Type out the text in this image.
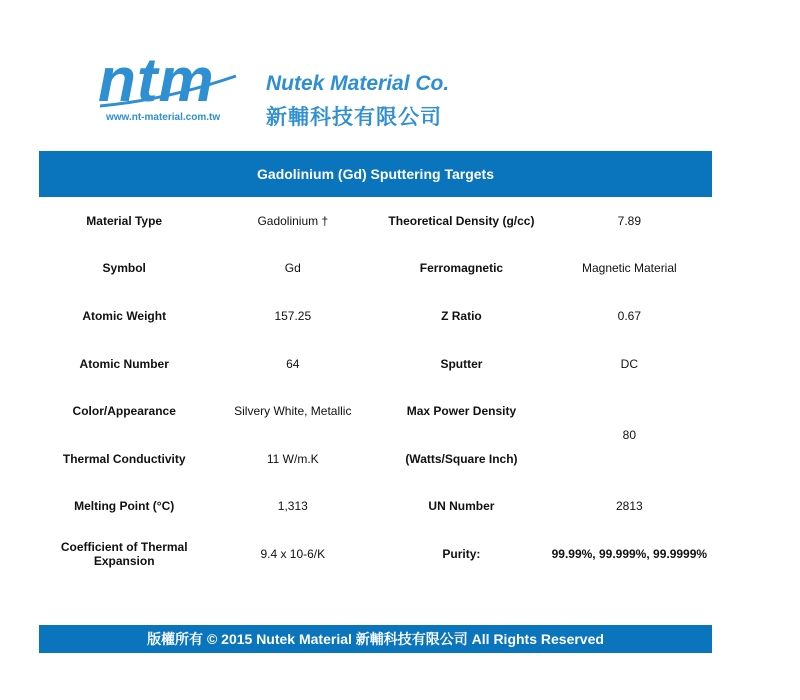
ntm
www.nt-material.com.tw
Nutek Material Co.
新輔科技有限公司
Gadolinium (Gd) Sputtering Targets
Material Type	Gadolinium †	Theoretical Density (g/cc)	7.89
Symbol	Gd	Ferromagnetic	Magnetic Material
Atomic Weight	157.25	Z Ratio	0.67
Atomic Number	64	Sputter	DC
Color/Appearance	Silvery White, Metallic	Max Power Density	80
Thermal Conductivity	11 W/m.K	(Watts/Square Inch)	
Melting Point (°C)	1,313	UN Number	2813
Coefficient of Thermal
Expansion	9.4 x 10-6/K	Purity:	99.99%, 99.999%, 99.9999%
版權所有 © 2015 Nutek Material 新輔科技有限公司 All Rights Reserved
